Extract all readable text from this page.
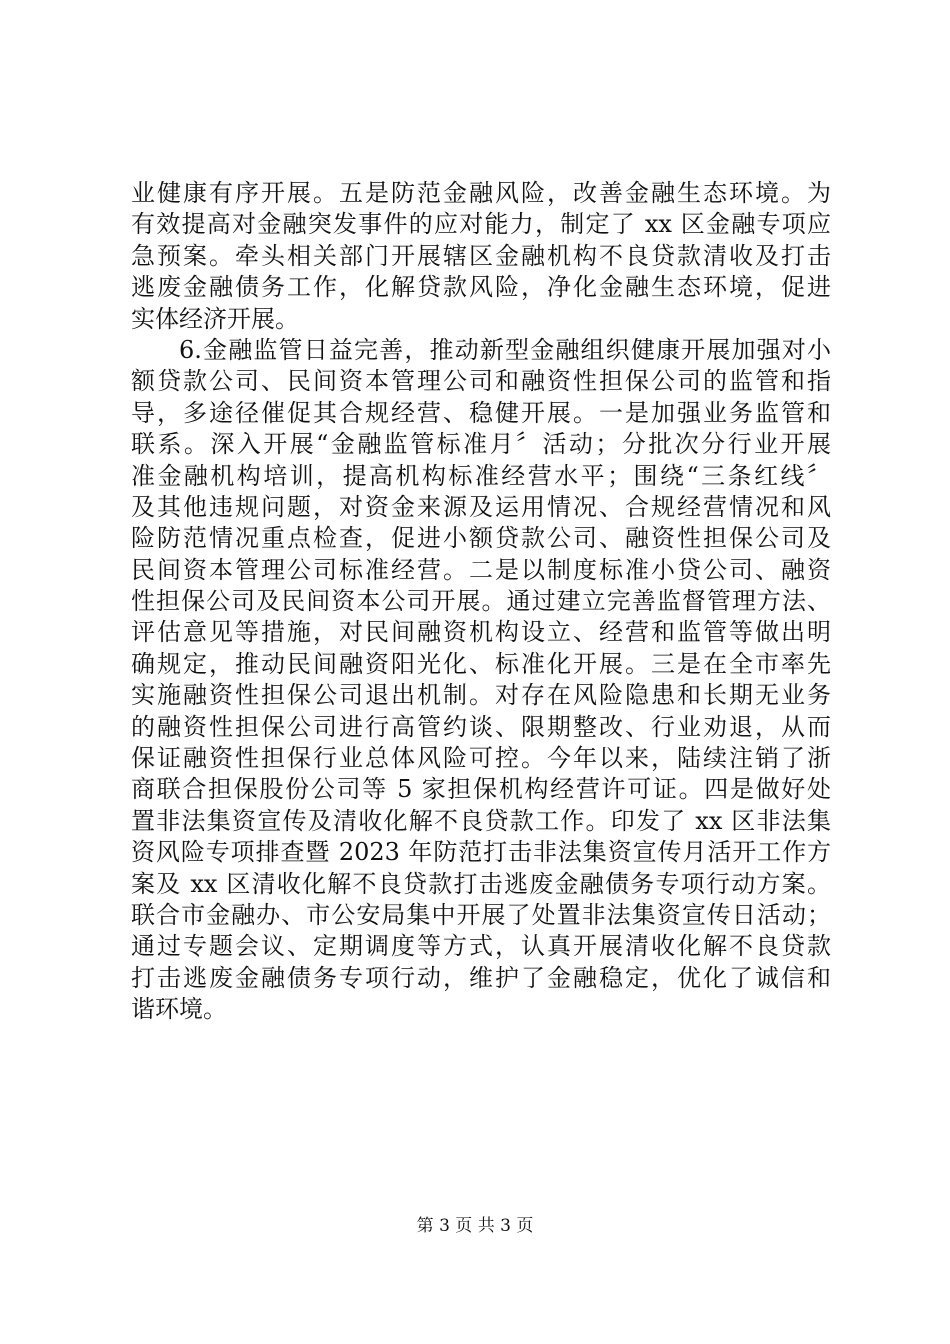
业健康有序开展。五是防范金融风险，改善金融生态环境。为
有效提高对金融突发事件的应对能力，制定了 xx 区金融专项应
急预案。牵头相关部门开展辖区金融机构不良贷款清收及打击
逃废金融债务工作，化解贷款风险，净化金融生态环境，促进
实体经济开展。
6.金融监管日益完善，推动新型金融组织健康开展加强对小
额贷款公司、民间资本管理公司和融资性担保公司的监管和指
导，多途径催促其合规经营、稳健开展。一是加强业务监管和
联系。深入开展“金融监管标准月〞活动；分批次分行业开展
准金融机构培训，提高机构标准经营水平；围绕“三条红线〞
及其他违规问题，对资金来源及运用情况、合规经营情况和风
险防范情况重点检查，促进小额贷款公司、融资性担保公司及
民间资本管理公司标准经营。二是以制度标准小贷公司、融资
性担保公司及民间资本公司开展。通过建立完善监督管理方法、
评估意见等措施，对民间融资机构设立、经营和监管等做出明
确规定，推动民间融资阳光化、标准化开展。三是在全市率先
实施融资性担保公司退出机制。对存在风险隐患和长期无业务
的融资性担保公司进行高管约谈、限期整改、行业劝退，从而
保证融资性担保行业总体风险可控。今年以来，陆续注销了浙
商联合担保股份公司等 5 家担保机构经营许可证。四是做好处
置非法集资宣传及清收化解不良贷款工作。印发了 xx 区非法集
资风险专项排查暨 2023 年防范打击非法集资宣传月活开工作方
案及 xx 区清收化解不良贷款打击逃废金融债务专项行动方案。
联合市金融办、市公安局集中开展了处置非法集资宣传日活动；
通过专题会议、定期调度等方式，认真开展清收化解不良贷款
打击逃废金融债务专项行动，维护了金融稳定，优化了诚信和
谐环境。
第 3 页 共 3 页
